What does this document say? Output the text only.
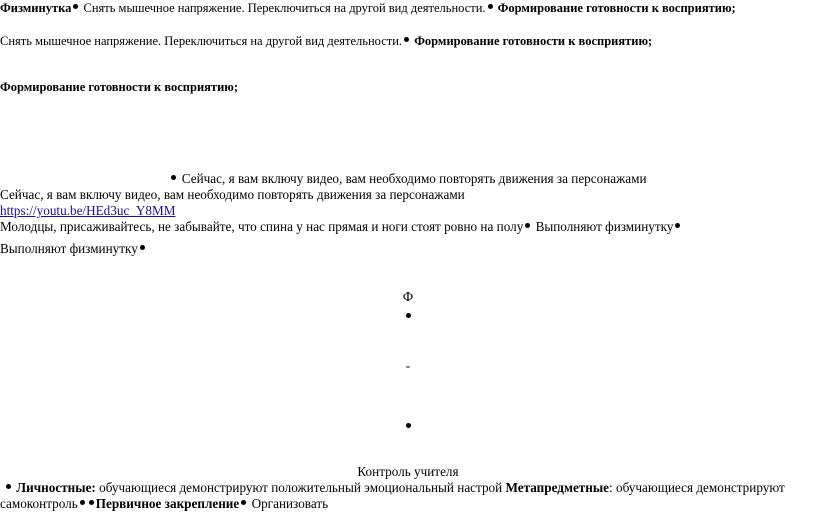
Физминутка Снять мышечное напряжение. Переключиться на другой вид деятельности. Формирование готовности к восприятию;
Снять мышечное напряжение. Переключиться на другой вид деятельности. Формирование готовности к восприятию;
Формирование готовности к восприятию;
Сейчас, я вам включу видео, вам необходимо повторять движения за персонажами
Сейчас, я вам включу видео, вам необходимо повторять движения за персонажами
https://youtu.be/HEd3uc_Y8MM
Молодцы, присаживайтесь, не забывайте, что спина у нас прямая и ноги стоят ровно на полу Выполняют физминутку
Выполняют физминутку
Ф
-
Контроль учителя
Личностные: обучающиеся демонстрируют положительный эмоциональный настрой Метапредметные: обучающиеся демонстрируют
самоконтроль Первичное закрепление Организовать
